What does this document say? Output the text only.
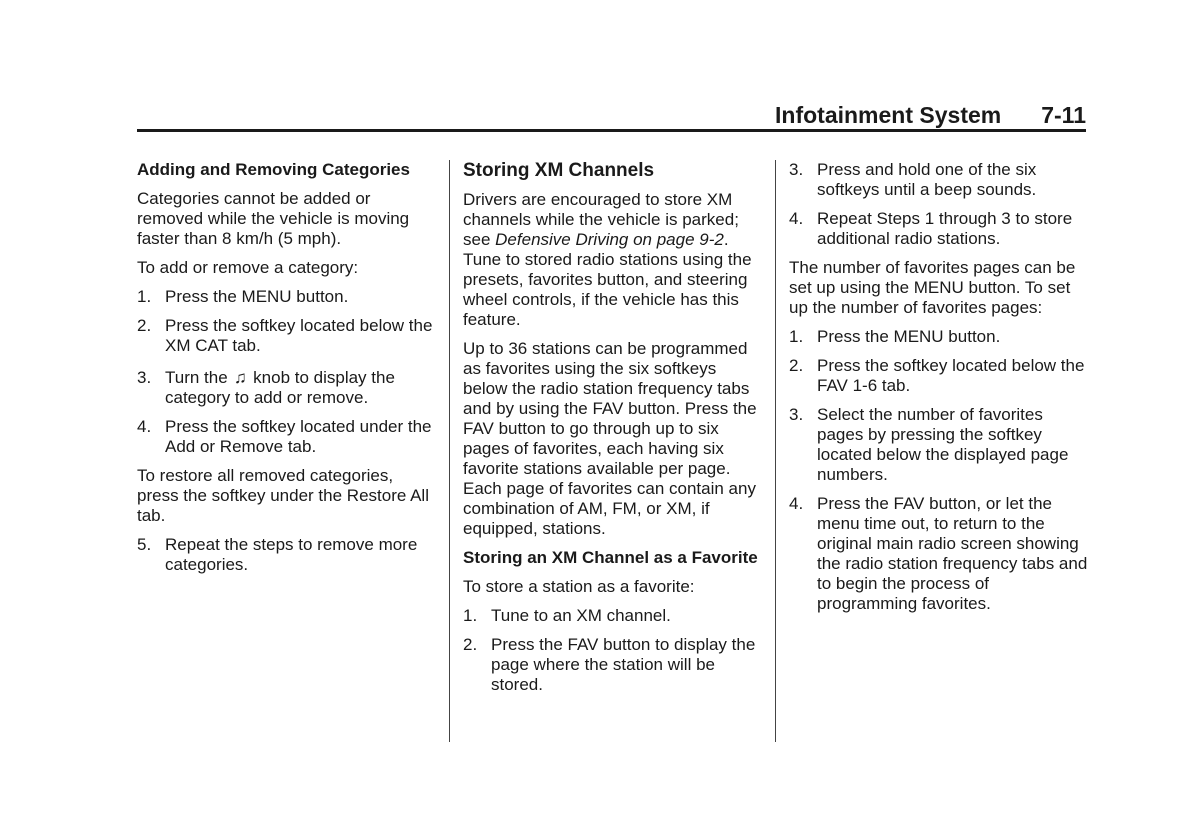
Infotainment System 7-11
Adding and Removing Categories

Categories cannot be added or removed while the vehicle is moving faster than 8 km/h (5 mph).

To add or remove a category:

1. Press the MENU button.
2. Press the softkey located below the XM CAT tab.
3. Turn the ♫ knob to display the category to add or remove.
4. Press the softkey located under the Add or Remove tab.

To restore all removed categories, press the softkey under the Restore All tab.

5. Repeat the steps to remove more categories.
Storing XM Channels

Drivers are encouraged to store XM channels while the vehicle is parked; see Defensive Driving on page 9-2. Tune to stored radio stations using the presets, favorites button, and steering wheel controls, if the vehicle has this feature.

Up to 36 stations can be programmed as favorites using the six softkeys below the radio station frequency tabs and by using the FAV button. Press the FAV button to go through up to six pages of favorites, each having six favorite stations available per page. Each page of favorites can contain any combination of AM, FM, or XM, if equipped, stations.

Storing an XM Channel as a Favorite

To store a station as a favorite:

1. Tune to an XM channel.
2. Press the FAV button to display the page where the station will be stored.
3. Press and hold one of the six softkeys until a beep sounds.
4. Repeat Steps 1 through 3 to store additional radio stations.

The number of favorites pages can be set up using the MENU button. To set up the number of favorites pages:

1. Press the MENU button.
2. Press the softkey located below the FAV 1-6 tab.
3. Select the number of favorites pages by pressing the softkey located below the displayed page numbers.
4. Press the FAV button, or let the menu time out, to return to the original main radio screen showing the radio station frequency tabs and to begin the process of programming favorites.
